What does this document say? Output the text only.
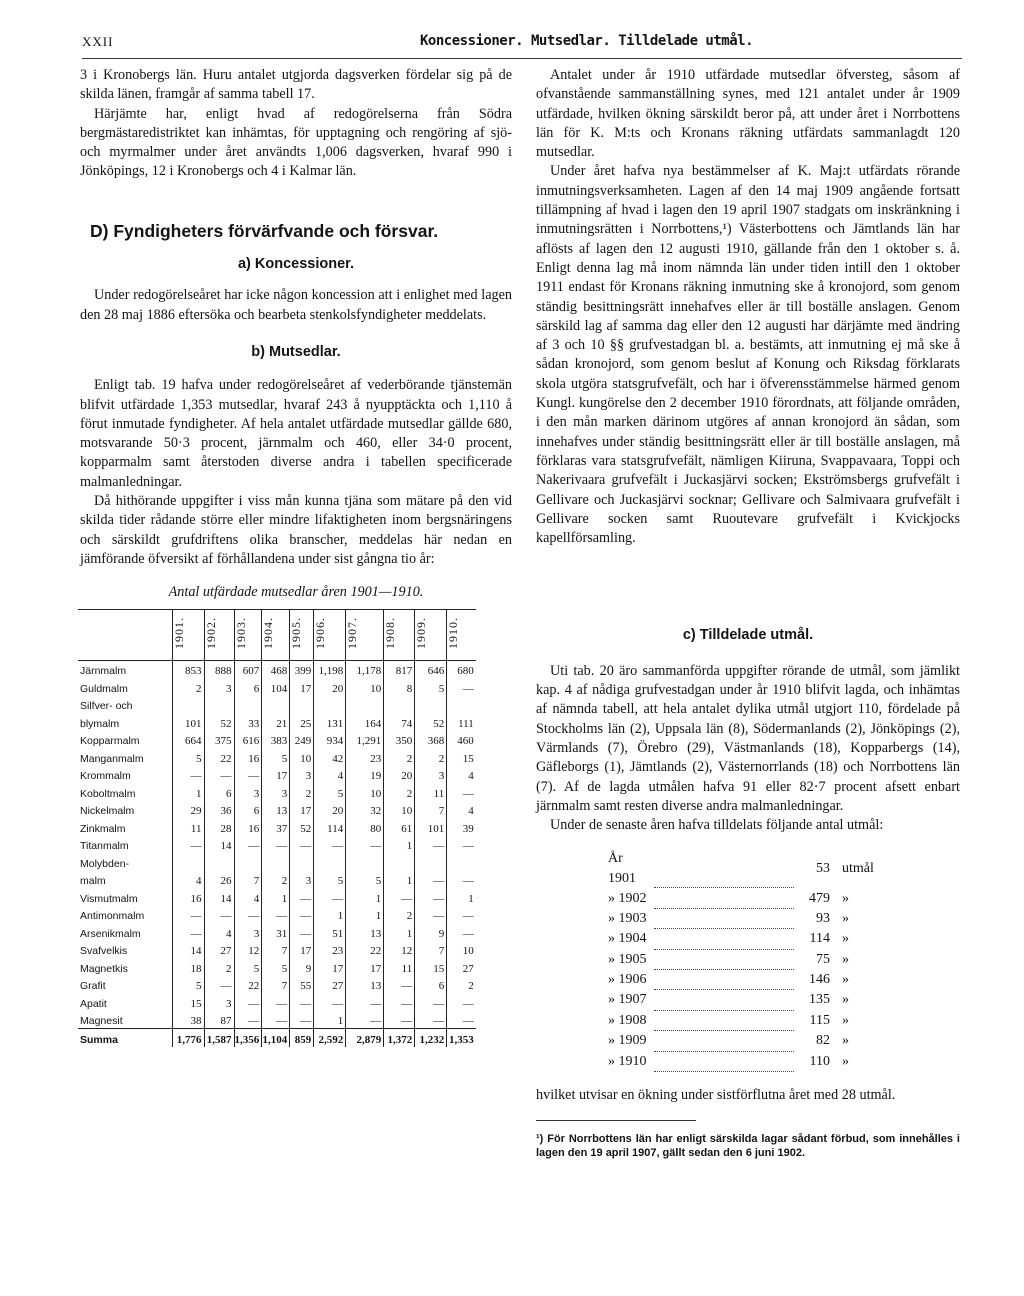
XXII	Koncessioner. Mutsedlar. Tilldelade utmål.

3 i Kronobergs län. Huru antalet utgjorda dagsverken fördelar sig på de skilda länen, framgår af samma tabell 17.

Härjämte har, enligt hvad af redogörelserna från Södra bergmästaredistriktet kan inhämtas, för upptagning och rengöring af sjö- och myrmalmer under året användts 1,006 dagsverken, hvaraf 990 i Jönköpings, 12 i Kronobergs och 4 i Kalmar län.

D) Fyndigheters förvärfvande och försvar.
a) Koncessioner.

Under redogörelseåret har icke någon koncession att i enlighet med lagen den 28 maj 1886 eftersöka och bearbeta stenkolsfyndigheter meddelats.

b) Mutsedlar.

Enligt tab. 19 hafva under redogörelseåret af vederbörande tjänstemän blifvit utfärdade 1,353 mutsedlar, hvaraf 243 å nyupptäckta och 1,110 å förut inmutade fyndigheter. Af hela antalet utfärdade mutsedlar gällde 680, motsvarande 50·3 procent, järnmalm och 460, eller 34·0 procent, kopparmalm samt återstoden diverse andra i tabellen specificerade malmanledningar.

Då hithörande uppgifter i viss mån kunna tjäna som mätare på den vid skilda tider rådande större eller mindre lifaktigheten inom bergsnäringens och särskildt grufdriftens olika branscher, meddelas här nedan en jämförande öfversikt af förhållandena under sist gångna tio år:

Antal utfärdade mutsedlar åren 1901—1910.
	1901.	1902.	1903.	1904.	1905.	1906.	1907.	1908.	1909.	1910.
Järnmalm	853	888	607	468	399	1,198	1,178	817	646	680
Guldmalm	2	3	6	104	17	20	10	8	5	—
Silfver- och										
blymalm	101	52	33	21	25	131	164	74	52	111
Kopparmalm	664	375	616	383	249	934	1,291	350	368	460
Manganmalm	5	22	16	5	10	42	23	2	2	15
Krommalm	—	—	—	17	3	4	19	20	3	4
Koboltmalm	1	6	3	3	2	5	10	2	11	—
Nickelmalm	29	36	6	13	17	20	32	10	7	4
Zinkmalm	11	28	16	37	52	114	80	61	101	39
Titanmalm	—	14	—	—	—	—	—	1	—	—
Molybden-										
malm	4	26	7	2	3	5	5	1	—	—
Vismutmalm	16	14	4	1	—	—	1	—	—	1
Antimonmalm	—	—	—	—	—	1	1	2	—	—
Arsenikmalm	—	4	3	31	—	51	13	1	9	—
Svafvelkis	14	27	12	7	17	23	22	12	7	10
Magnetkis	18	2	5	5	9	17	17	11	15	27
Grafit	5	—	22	7	55	27	13	—	6	2
Apatit	15	3	—	—	—	—	—	—	—	—
Magnesit	38	87	—	—	—	1	—	—	—	—
Summa	1,776	1,587	1,356	1,104	859	2,592	2,879	1,372	1,232	1,353

Antalet under år 1910 utfärdade mutsedlar öfversteg, såsom af ofvanstående sammanställning synes, med 121 antalet under år 1909 utfärdade, hvilken ökning särskildt beror på, att under året i Norrbottens län för K. M:ts och Kronans räkning utfärdats sammanlagdt 120 mutsedlar.

Under året hafva nya bestämmelser af K. Maj:t utfärdats rörande inmutningsverksamheten. Lagen af den 14 maj 1909 angående fortsatt tillämpning af hvad i lagen den 19 april 1907 stadgats om inskränkning i inmutningsrätten i Norrbottens,¹) Västerbottens och Jämtlands län har aflösts af lagen den 12 augusti 1910, gällande från den 1 oktober s. å. Enligt denna lag må inom nämnda län under tiden intill den 1 oktober 1911 endast för Kronans räkning inmutning ske å kronojord, som genom ständig besittningsrätt innehafves eller är till boställe anslagen. Genom särskild lag af samma dag eller den 12 augusti har därjämte med ändring af 3 och 10 §§ grufvestadgan bl. a. bestämts, att inmutning ej må ske å sådan kronojord, som genom beslut af Konung och Riksdag förklarats skola utgöra statsgrufvefält, och har i öfverensstämmelse härmed genom Kungl. kungörelse den 2 december 1910 förordnats, att följande områden, i den mån marken därinom utgöres af annan kronojord än sådan, som innehafves under ständig besittningsrätt eller är till boställe anslagen, må förklaras vara statsgrufvefält, nämligen Kiiruna, Svappavaara, Toppi och Nakerivaara grufvefält i Juckasjärvi socken; Ekströmsbergs grufvefält i Gellivare och Juckasjärvi socknar; Gellivare och Salmivaara grufvefält i Gellivare socken samt Ruoutevare grufvefält i Kvickjocks kapellförsamling.

c) Tilldelade utmål.

Uti tab. 20 äro sammanförda uppgifter rörande de utmål, som jämlikt kap. 4 af nådiga grufvestadgan under år 1910 blifvit lagda, och inhämtas af nämnda tabell, att hela antalet dylika utmål utgjort 110, fördelade på Stockholms län (2), Uppsala län (8), Södermanlands (2), Jönköpings (2), Värmlands (7), Örebro (29), Västmanlands (18), Kopparbergs (14), Gäfleborgs (1), Jämtlands (2), Västernorrlands (18) och Norrbottens län (7). Af de lagda utmålen hafva 91 eller 82·7 procent afsett enbart järnmalm samt resten diverse andra malmanledningar.

Under de senaste åren hafva tilldelats följande antal utmål:

År 1901		53	utmål
» 1902		479	»
» 1903		93	»
» 1904		114	»
» 1905		75	»
» 1906		146	»
» 1907		135	»
» 1908		115	»
» 1909		82	»
» 1910		110	»

hvilket utvisar en ökning under sistförflutna året med 28 utmål.

¹) För Norrbottens län har enligt särskilda lagar sådant förbud, som innehålles i lagen den 19 april 1907, gällt sedan den 6 juni 1902.
